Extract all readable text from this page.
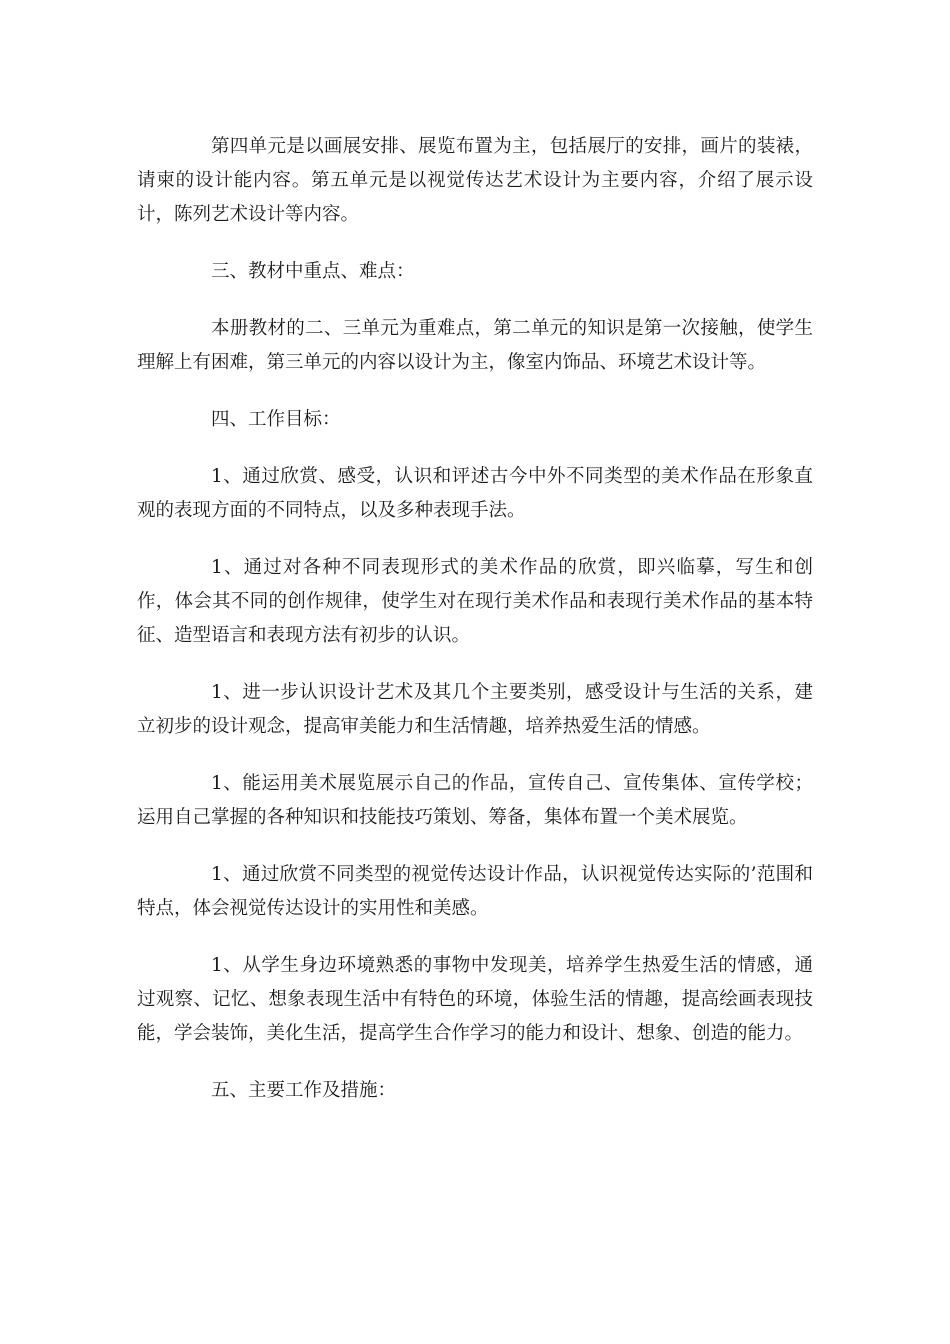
第四单元是以画展安排、展览布置为主，包括展厅的安排，画片的装裱，请柬的设计能内容。第五单元是以视觉传达艺术设计为主要内容，介绍了展示设计，陈列艺术设计等内容。

三、教材中重点、难点：

本册教材的二、三单元为重难点，第二单元的知识是第一次接触，使学生理解上有困难，第三单元的内容以设计为主，像室内饰品、环境艺术设计等。

四、工作目标：

1、通过欣赏、感受，认识和评述古今中外不同类型的美术作品在形象直观的表现方面的不同特点，以及多种表现手法。

1、通过对各种不同表现形式的美术作品的欣赏，即兴临摹，写生和创作，体会其不同的创作规律，使学生对在现行美术作品和表现行美术作品的基本特征、造型语言和表现方法有初步的认识。

1、进一步认识设计艺术及其几个主要类别，感受设计与生活的关系，建立初步的设计观念，提高审美能力和生活情趣，培养热爱生活的情感。

1、能运用美术展览展示自己的作品，宣传自己、宣传集体、宣传学校；运用自己掌握的各种知识和技能技巧策划、筹备，集体布置一个美术展览。

1、通过欣赏不同类型的视觉传达设计作品，认识视觉传达实际的’范围和特点，体会视觉传达设计的实用性和美感。

1、从学生身边环境熟悉的事物中发现美，培养学生热爱生活的情感，通过观察、记忆、想象表现生活中有特色的环境，体验生活的情趣，提高绘画表现技能，学会装饰，美化生活，提高学生合作学习的能力和设计、想象、创造的能力。

五、主要工作及措施：
